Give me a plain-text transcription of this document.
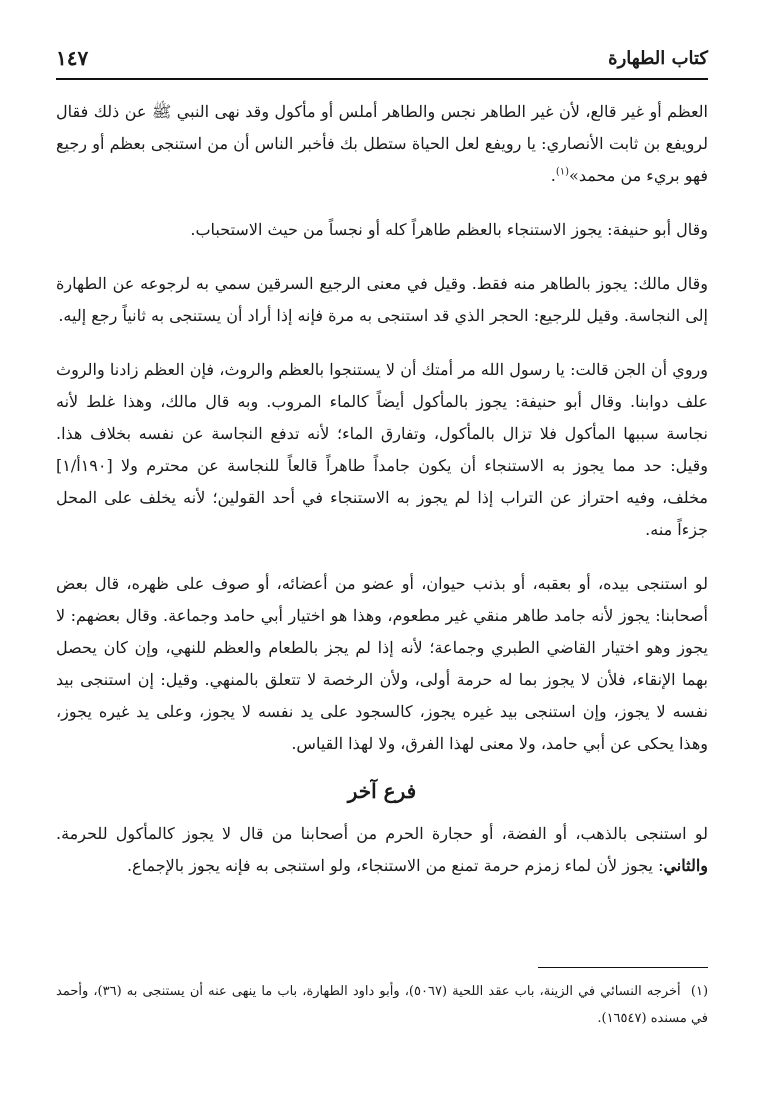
كتاب الطهارة
١٤٧

العظم أو غير قالع، لأن غير الطاهر نجس والطاهر أملس أو مأكول وقد نهى النبي ﷺ عن ذلك فقال لرويفع بن ثابت الأنصاري: يا رويفع لعل الحياة ستطل بك فأخبر الناس أن من استنجى بعظم أو رجيع فهو بريء من محمد»$^{(١)}$.

وقال أبو حنيفة: يجوز الاستنجاء بالعظم طاهراً كله أو نجساً من حيث الاستحباب.

وقال مالك: يجوز بالطاهر منه فقط. وقيل في معنى الرجيع السرقين سمي به لرجوعه عن الطهارة إلى النجاسة. وقيل للرجيع: الحجر الذي قد استنجى به مرة فإنه إذا أراد أن يستنجى به ثانياً رجع إليه.

وروي أن الجن قالت: يا رسول الله مر أمتك أن لا يستنجوا بالعظم والروث، فإن العظم زادنا والروث علف دوابنا. وقال أبو حنيفة: يجوز بالمأكول أيضاً كالماء المروب. وبه قال مالك، وهذا غلط لأنه نجاسة سببها المأكول فلا تزال بالمأكول، وتفارق الماء؛ لأنه تدفع النجاسة عن نفسه بخلاف هذا. وقيل: حد مما يجوز به الاستنجاء أن يكون جامداً طاهراً قالعاً للنجاسة عن محترم ولا [١٩٠أ/١] مخلف، وفيه احتراز عن التراب إذا لم يجوز به الاستنجاء في أحد القولين؛ لأنه يخلف على المحل جزءاً منه.

لو استنجى بيده، أو بعقبه، أو بذنب حيوان، أو عضو من أعضائه، أو صوف على ظهره، قال بعض أصحابنا: يجوز لأنه جامد طاهر منقي غير مطعوم، وهذا هو اختيار أبي حامد وجماعة. وقال بعضهم: لا يجوز وهو اختيار القاضي الطبري وجماعة؛ لأنه إذا لم يجز بالطعام والعظم للنهي، وإن كان يحصل بهما الإنقاء، فلأن لا يجوز بما له حرمة أولى، ولأن الرخصة لا تتعلق بالمنهي. وقيل: إن استنجى بيد نفسه لا يجوز، وإن استنجى بيد غيره يجوز، كالسجود على يد نفسه لا يجوز، وعلى يد غيره يجوز، وهذا يحكى عن أبي حامد، ولا معنى لهذا الفرق، ولا لهذا القياس.

فرع آخر

لو استنجى بالذهب، أو الفضة، أو حجارة الحرم من أصحابنا من قال لا يجوز كالمأكول للحرمة. والثاني: يجوز لأن لماء زمزم حرمة تمنع من الاستنجاء، ولو استنجى به فإنه يجوز بالإجماع.

(١)  أخرجه النسائي في الزينة، باب عقد اللحية (٥٠٦٧)، وأبو داود الطهارة، باب ما ينهى عنه أن يستنجى به (٣٦)، وأحمد في مسنده (١٦٥٤٧).
